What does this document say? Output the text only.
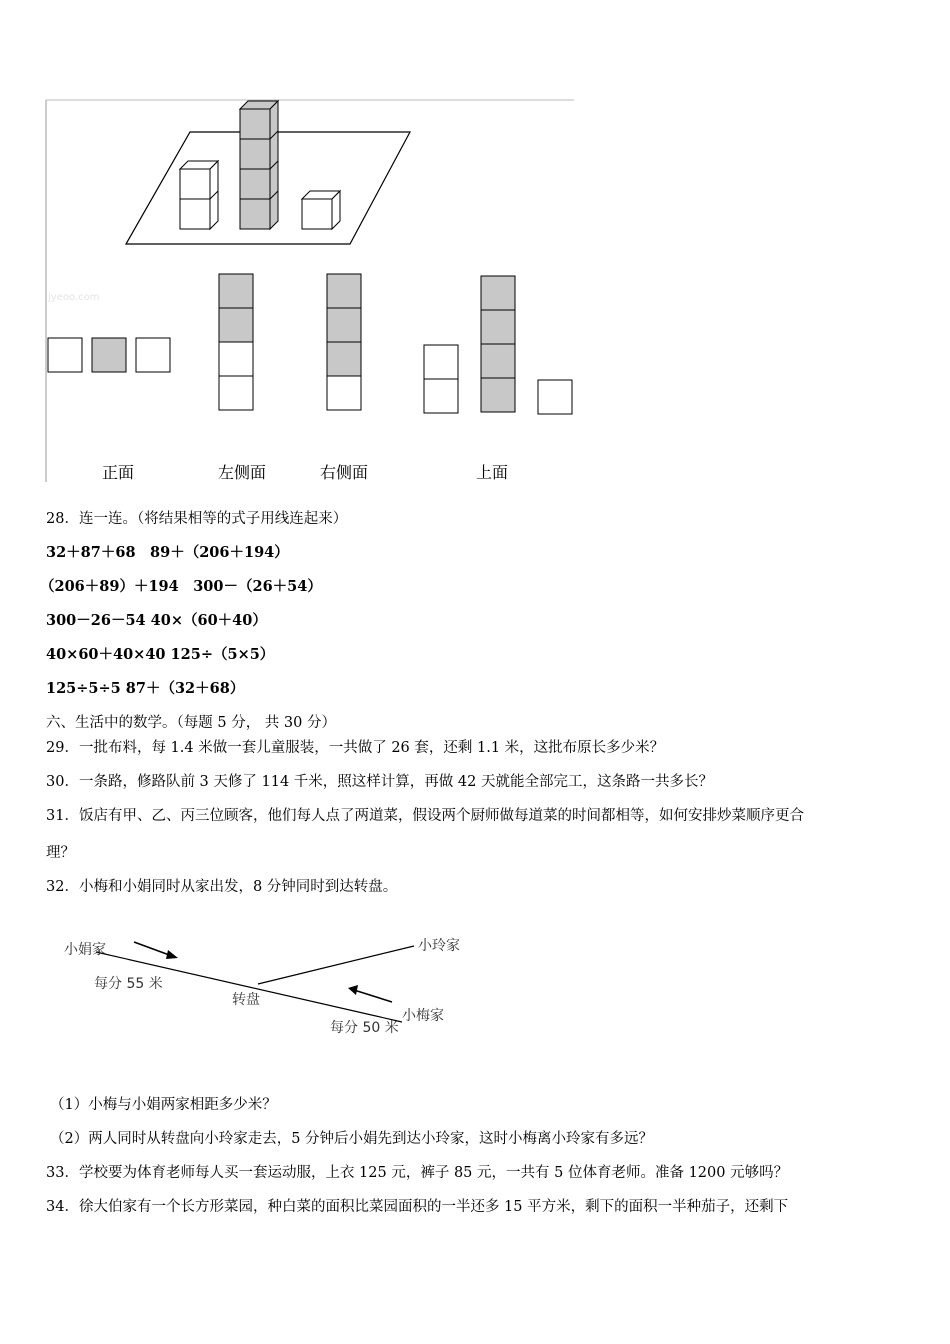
jyeoo.com
正面	左侧面	右侧面	上面
28．连一连。（将结果相等的式子用线连起来）
32＋87＋68　89＋（206＋194）
（206＋89）＋194　300－（26＋54）
300－26－54 40×（60＋40）
40×60＋40×40 125÷（5×5）
125÷5÷5 87＋（32＋68）
六、生活中的数学。（每题 5 分， 共 30 分）
29．一批布料，每 1.4 米做一套儿童服装，一共做了 26 套，还剩 1.1 米，这批布原长多少米？
30．一条路，修路队前 3 天修了 114 千米，照这样计算，再做 42 天就能全部完工，这条路一共多长？
31．饭店有甲、乙、丙三位顾客，他们每人点了两道菜，假设两个厨师做每道菜的时间都相等，如何安排炒菜顺序更合
理？
32．小梅和小娟同时从家出发，8 分钟同时到达转盘。
小娟家	小玲家
小梅家
转盘
每分 55 米
每分 50 米
（1）小梅与小娟两家相距多少米？
（2）两人同时从转盘向小玲家走去，5 分钟后小娟先到达小玲家，这时小梅离小玲家有多远？
33．学校要为体育老师每人买一套运动服，上衣 125 元，裤子 85 元，一共有 5 位体育老师。准备 1200 元够吗？
34．徐大伯家有一个长方形菜园，种白菜的面积比菜园面积的一半还多 15 平方米，剩下的面积一半种茄子，还剩下
